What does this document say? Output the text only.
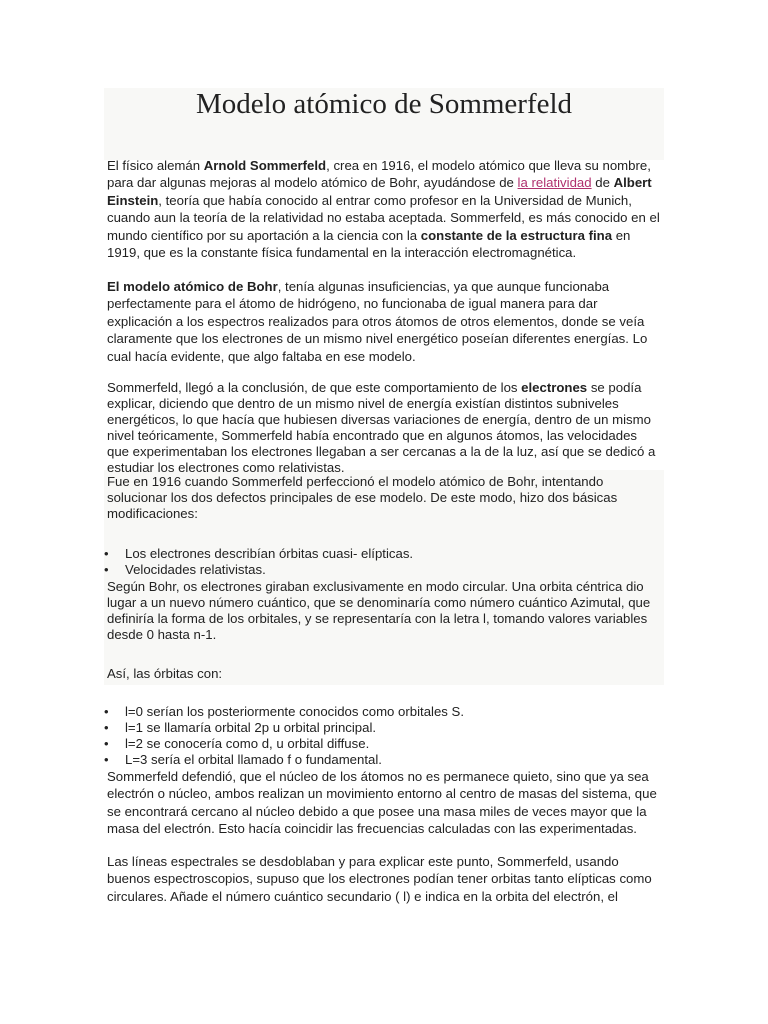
Modelo atómico de Sommerfeld

El físico alemán Arnold Sommerfeld, crea en 1916, el modelo atómico que lleva su nombre, para dar algunas mejoras al modelo atómico de Bohr, ayudándose de la relatividad de Albert Einstein, teoría que había conocido al entrar como profesor en la Universidad de Munich, cuando aun la teoría de la relatividad no estaba aceptada. Sommerfeld, es más conocido en el mundo científico por su aportación a la ciencia con la constante de la estructura fina en 1919, que es la constante física fundamental en la interacción electromagnética.

El modelo atómico de Bohr, tenía algunas insuficiencias, ya que aunque funcionaba perfectamente para el átomo de hidrógeno, no funcionaba de igual manera para dar explicación a los espectros realizados para otros átomos de otros elementos, donde se veía claramente que los electrones de un mismo nivel energético poseían diferentes energías. Lo cual hacía evidente, que algo faltaba en ese modelo.

Sommerfeld, llegó a la conclusión, de que este comportamiento de los electrones se podía explicar, diciendo que dentro de un mismo nivel de energía existían distintos subniveles energéticos, lo que hacía que hubiesen diversas variaciones de energía, dentro de un mismo nivel teóricamente, Sommerfeld había encontrado que en algunos átomos, las velocidades que experimentaban los electrones llegaban a ser cercanas a la de la luz, así que se dedicó a estudiar los electrones como relativistas.

Fue en 1916 cuando Sommerfeld perfeccionó el modelo atómico de Bohr, intentando solucionar los dos defectos principales de ese modelo. De este modo, hizo dos básicas modificaciones:

• Los electrones describían órbitas cuasi- elípticas.
• Velocidades relativistas.

Según Bohr, os electrones giraban exclusivamente en modo circular. Una orbita céntrica dio lugar a un nuevo número cuántico, que se denominaría como número cuántico Azimutal, que definiría la forma de los orbitales, y se representaría con la letra l, tomando valores variables desde 0 hasta n-1.

Así, las órbitas con:

• l=0 serían los posteriormente conocidos como orbitales S.
• l=1 se llamaría orbital 2p u orbital principal.
• l=2 se conocería como d, u orbital diffuse.
• L=3 sería el orbital llamado f o fundamental.

Sommerfeld defendió, que el núcleo de los átomos no es permanece quieto, sino que ya sea electrón o núcleo, ambos realizan un movimiento entorno al centro de masas del sistema, que se encontrará cercano al núcleo debido a que posee una masa miles de veces mayor que la masa del electrón. Esto hacía coincidir las frecuencias calculadas con las experimentadas.

Las líneas espectrales se desdoblaban y para explicar este punto, Sommerfeld, usando buenos espectroscopios, supuso que los electrones podían tener orbitas tanto elípticas como circulares. Añade el número cuántico secundario ( l) e indica en la orbita del electrón, el
